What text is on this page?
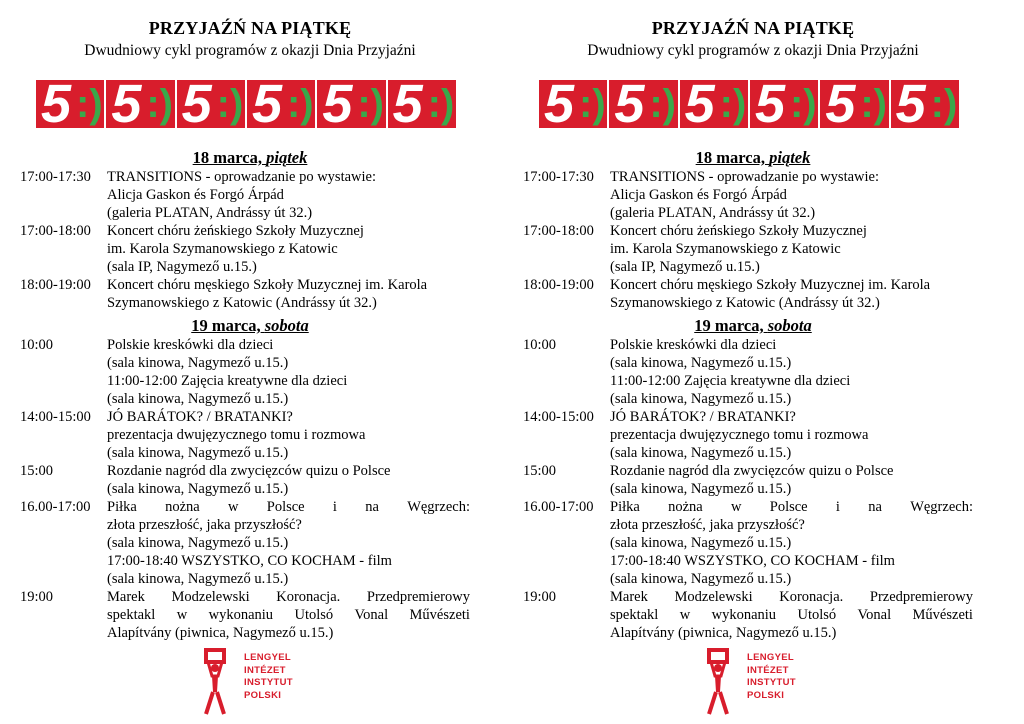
PRZYJAŹŃ NA PIĄTKĘ
Dwudniowy cykl programów z okazji Dnia Przyjaźni
5 :) 5 :) 5 :) 5 :) 5 :) 5 :)
18 marca, piątek
17:00-17:30 TRANSITIONS - oprowadzanie po wystawie:
Alicja Gaskon és Forgó Árpád
(galeria PLATAN, Andrássy út 32.)
17:00-18:00 Koncert chóru żeńskiego Szkoły Muzycznej
im. Karola Szymanowskiego z Katowic
(sala IP, Nagymező u.15.)
18:00-19:00 Koncert chóru męskiego Szkoły Muzycznej im. Karola
Szymanowskiego z Katowic (Andrássy út 32.)
19 marca, sobota
10:00	Polskie kreskówki dla dzieci
(sala kinowa, Nagymező u.15.)
11:00-12:00 Zajęcia kreatywne dla dzieci
(sala kinowa, Nagymező u.15.)
14:00-15:00 JÓ BARÁTOK? / BRATANKI?
prezentacja dwujęzycznego tomu i rozmowa
(sala kinowa, Nagymező u.15.)
15:00	Rozdanie nagród dla zwycięzców quizu o Polsce
(sala kinowa, Nagymező u.15.)
16.00-17:00 Piłka nożna w Polsce i na Węgrzech:
złota przeszłość, jaka przyszłość?
(sala kinowa, Nagymező u.15.)
17:00-18:40 WSZYSTKO, CO KOCHAM - film
(sala kinowa, Nagymező u.15.)
19:00	Marek Modzelewski Koronacja. Przedpremierowy
spektakl w wykonaniu Utolsó Vonal Művészeti
Alapítvány (piwnica, Nagymező u.15.)
LENGYEL
INTÉZET
INSTYTUT
POLSKI
PRZYJAŹŃ NA PIĄTKĘ
Dwudniowy cykl programów z okazji Dnia Przyjaźni
5 :) 5 :) 5 :) 5 :) 5 :) 5 :)
18 marca, piątek
17:00-17:30 TRANSITIONS - oprowadzanie po wystawie:
Alicja Gaskon és Forgó Árpád
(galeria PLATAN, Andrássy út 32.)
17:00-18:00 Koncert chóru żeńskiego Szkoły Muzycznej
im. Karola Szymanowskiego z Katowic
(sala IP, Nagymező u.15.)
18:00-19:00 Koncert chóru męskiego Szkoły Muzycznej im. Karola
Szymanowskiego z Katowic (Andrássy út 32.)
19 marca, sobota
10:00	Polskie kreskówki dla dzieci
(sala kinowa, Nagymező u.15.)
11:00-12:00 Zajęcia kreatywne dla dzieci
(sala kinowa, Nagymező u.15.)
14:00-15:00 JÓ BARÁTOK? / BRATANKI?
prezentacja dwujęzycznego tomu i rozmowa
(sala kinowa, Nagymező u.15.)
15:00	Rozdanie nagród dla zwycięzców quizu o Polsce
(sala kinowa, Nagymező u.15.)
16.00-17:00 Piłka nożna w Polsce i na Węgrzech:
złota przeszłość, jaka przyszłość?
(sala kinowa, Nagymező u.15.)
17:00-18:40 WSZYSTKO, CO KOCHAM - film
(sala kinowa, Nagymező u.15.)
19:00	Marek Modzelewski Koronacja. Przedpremierowy
spektakl w wykonaniu Utolsó Vonal Művészeti
Alapítvány (piwnica, Nagymező u.15.)
LENGYEL
INTÉZET
INSTYTUT
POLSKI
